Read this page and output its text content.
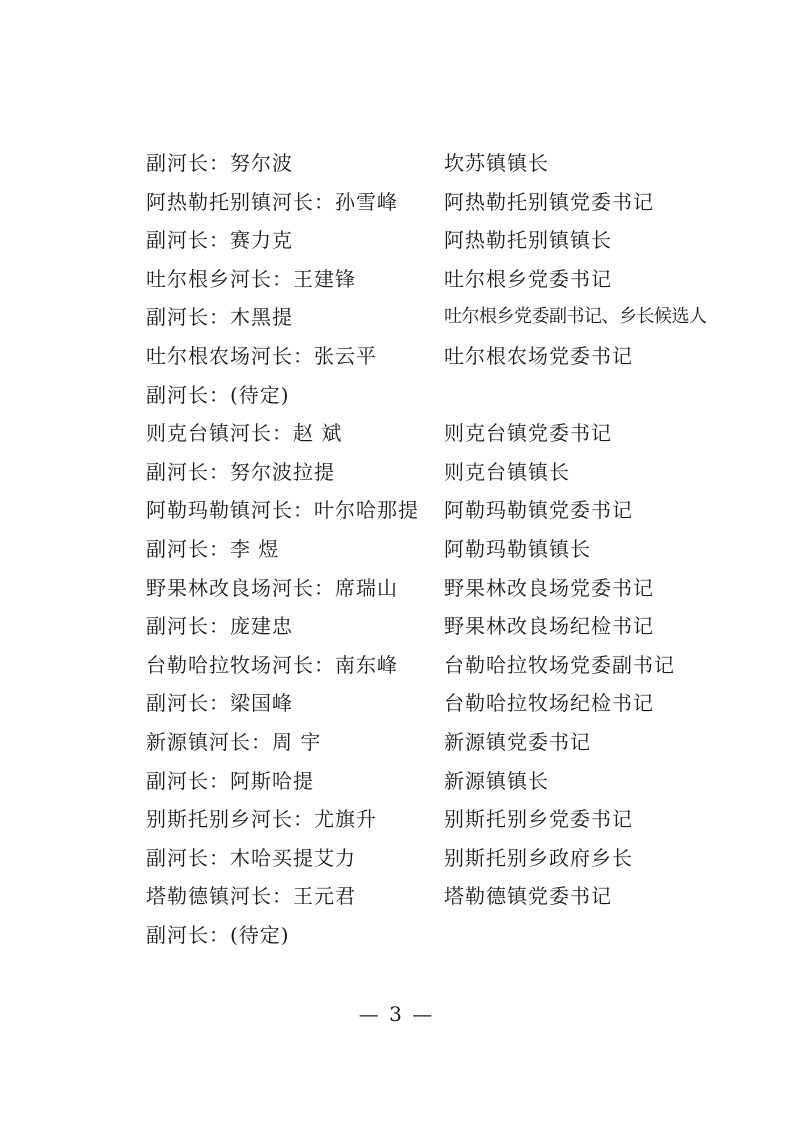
副河长：努尔波	坎苏镇镇长
阿热勒托别镇河长：孙雪峰 阿热勒托别镇党委书记
副河长：赛力克	阿热勒托别镇镇长
吐尔根乡河长：王建锋	吐尔根乡党委书记
副河长：木黑提	吐尔根乡党委副书记、乡长候选人
吐尔根农场河长：张云平	吐尔根农场党委书记
副河长：(待定)
则克台镇河长：赵 斌	则克台镇党委书记
副河长：努尔波拉提	则克台镇镇长
阿勒玛勒镇河长：叶尔哈那提 阿勒玛勒镇党委书记
副河长：李 煜	阿勒玛勒镇镇长
野果林改良场河长：席瑞山 野果林改良场党委书记
副河长：庞建忠	野果林改良场纪检书记
台勒哈拉牧场河长：南东峰 台勒哈拉牧场党委副书记
副河长：梁国峰	台勒哈拉牧场纪检书记
新源镇河长：周 宇	新源镇党委书记
副河长：阿斯哈提	新源镇镇长
别斯托别乡河长：尤旗升	别斯托别乡党委书记
副河长：木哈买提艾力	别斯托别乡政府乡长
塔勒德镇河长：王元君	塔勒德镇党委书记
副河长：(待定)
— 3 —
